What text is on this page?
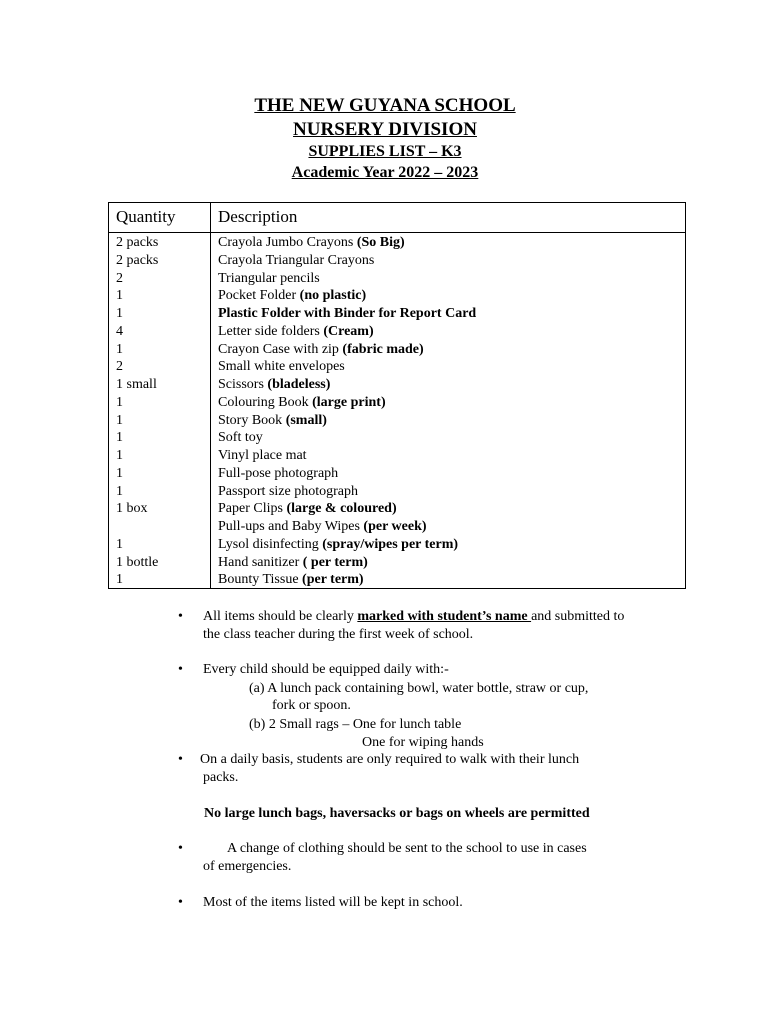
THE NEW GUYANA SCHOOL
NURSERY DIVISION
SUPPLIES LIST – K3
Academic Year 2022 – 2023
Quantity	Description
2 packs	Crayola Jumbo Crayons (So Big)
2 packs	Crayola Triangular Crayons
2	Triangular pencils
1	Pocket Folder (no plastic)
1	Plastic Folder with Binder for Report Card
4	Letter side folders (Cream)
1	Crayon Case with zip (fabric made)
2	Small white envelopes
1 small	Scissors (bladeless)
1	Colouring Book (large print)
1	Story Book (small)
1	Soft toy
1	Vinyl place mat
1	Full-pose photograph
1	Passport size photograph
1 box	Paper Clips (large & coloured)
Pull-ups and Baby Wipes (per week)
1	Lysol disinfecting (spray/wipes per term)
1 bottle	Hand sanitizer ( per term)
1	Bounty Tissue (per term)
• All items should be clearly marked with student’s name and submitted to
the class teacher during the first week of school.
• Every child should be equipped daily with:-
(a) A lunch pack containing bowl, water bottle, straw or cup,
fork or spoon.
(b) 2 Small rags – One for lunch table
One for wiping hands
• On a daily basis, students are only required to walk with their lunch
packs.
No large lunch bags, haversacks or bags on wheels are permitted
•	A change of clothing should be sent to the school to use in cases
of emergencies.
• Most of the items listed will be kept in school.
